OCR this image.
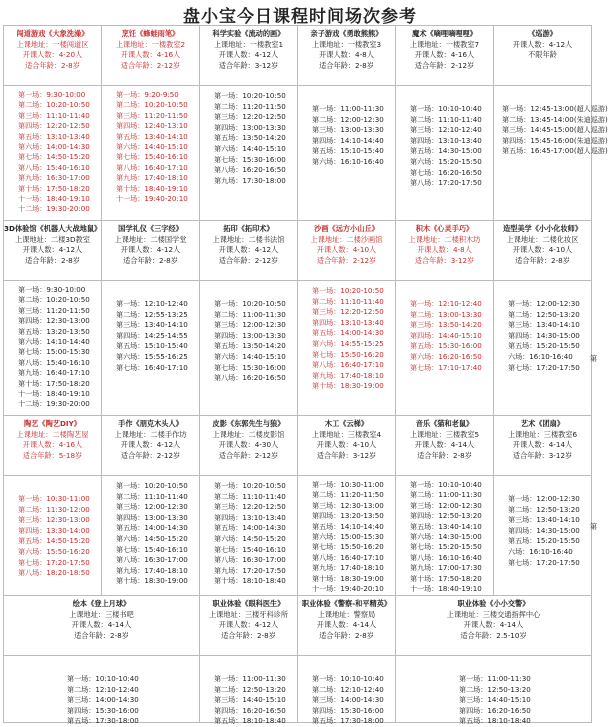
盘小宝今日课程时间场次参考
闯道游戏《大象洗澡》
上课地址：一楼闯道区
开课人数：4-20人
适合年龄：2-8岁
第一场：9:30-10:00
第二场：10:20-10:50
第三场：11:10-11:40
第四场：12:20-12:50
第五场：13:10-13:40
第六场：14:00-14:30
第七场：14:50-15:20
第八场：15:40-16:10
第九场：16:30-17:00
第十场：17:50-18:20
十一场：18:40-19:10
十二场：19:30-20:00
烹饪《蜂蛙雨笔》
上课地址：一楼教室2
开课人数：4-16人
适合年龄：2-12岁
第一场：9:20-9:50
第二场：10:20-10:50
第三场：11:20-11:50
第四场：12:40-13:10
第五场：13:40-14:10
第六场：14:40-15:10
第七场：15:40-16:10
第八场：16:40-17:10
第九场：17:40-18:10
第十场：18:40-19:10
十一场：19:40-20:10
科学实验《流动的画》
上课地址：一楼教室1
开课人数：4-12人
适合年龄：3-12岁
第一场：10:20-10:50
第二场：11:20-11:50
第三场：12:20-12:50
第四场：13:00-13:30
第五场：13:50-14:20
第六场：14:40-15:10
第七场：15:30-16:00
第八场：16:20-16:50
第九场：17:30-18:00
亲子游戏《勇敢熊熊》
上课地址：一楼教室3
开课人数：4-8人
适合年龄：2-8岁
第一场：11:00-11:30
第二场：12:00-12:30
第三场：13:00-13:30
第四场：14:10-14:40
第五场：15:10-15:40
第六场：16:10-16:40
魔术《嘀哩嘀哩哩》
上课地址：一楼教室7
开课人数：4-16人
适合年龄：2-12岁
第一场：10:10-10:40
第二场：11:10-11:40
第三场：12:10-12:40
第四场：13:10-13:40
第五场：14:30-15:00
第六场：15:20-15:50
第七场：16:20-16:50
第八场：17:20-17:50
《巡游》
开课人数：4-12人
不限年龄
第一场：12:45-13:00(超人巡游)
第二场：13:45-14:00(朱迪巡游)
第三场：14:45-15:00(超人巡游)
第四场：15:45-16:00(朱迪巡游)
第五场：16:45-17:00(超人巡游)
3D体验馆《机器人大战地鼠》
上课地址：二楼3D教室
开课人数：4-12人
适合年龄：2-8岁
第一场：9:30-10:00
第二场：10:20-10:50
第三场：11:20-11:50
第四场：12:30-13:00
第五场：13:20-13:50
第六场：14:10-14:40
第七场：15:00-15:30
第八场：15:40-16:10
第九场：16:40-17:10
第十场：17:50-18:20
十一场：18:40-19:10
十二场：19:30-20:00
国学礼仪《三字经》
上课地址：二楼国学堂
开课人数：4-12人
适合年龄：2-8岁
第一场：12:10-12:40
第二场：12:55-13:25
第三场：13:40-14:10
第四场：14:25-14:55
第五场：15:10-15:40
第六场：15:55-16:25
第七场：16:40-17:10
拓印《拓印术》
上课地址：二楼书法馆
开课人数：4-12人
适合年龄：2-12岁
第一场：10:20-10:50
第二场：11:00-11:30
第三场：12:00-12:30
第四场：13:00-13:30
第五场：13:50-14:20
第六场：14:40-15:10
第七场：15:30-16:00
第八场：16:20-16:50
沙画《远方小山丘》
上课地址：二楼沙画馆
开课人数：4-10人
适合年龄：2-12岁
第一场：10:20-10:50
第二场：11:10-11:40
第三场：12:20-12:50
第四场：13:10-13:40
第五场：14:00-14:30
第六场：14:55-15:25
第七场：15:50-16:20
第八场：16:40-17:10
第九场：17:40-18:10
第十场：18:30-19:00
积木《心灵手巧》
上课地址：二楼积木坊
开课人数：4-8人
适合年龄：3-12岁
第一场：12:10-12:40
第二场：13:00-13:30
第三场：13:50-14:20
第四场：14:40-15:10
第五场：15:30-16:00
第六场：16:20-16:50
第七场：17:10-17:40
造型美学《小小化妆师》
上课地址：二楼化妆区
开课人数：4-10人
适合年龄：2-8岁
第一场：12:00-12:30
第二场：12:50-13:20
第三场：13:40-14:10
第四场：14:30-15:00
第五场：15:20-15:50
六场：16:10-16:40
第七场：17:20-17:50
陶艺《陶艺DIY》
上课地址：二楼陶艺屋
开课人数：4-16人
适合年龄：5-18岁
第一场：10:30-11:00
第二场：11:30-12:00
第三场：12:30-13:00
第四场：13:30-14:00
第五场：14:50-15:20
第六场：15:50-16:20
第七场：17:20-17:50
第八场：18:20-18:50
手作《朋克木头人》
上课地址：二楼手作坊
开课人数：4-12人
适合年龄：2-12岁
第一场：10:20-10:50
第二场：11:10-11:40
第三场：12:00-12:30
第四场：13:00-13:30
第五场：14:00-14:30
第六场：14:50-15:20
第七场：15:40-16:10
第八场：16:30-17:00
第九场：17:40-18:10
第十场：18:30-19:00
皮影《东郭先生与狼》
上课地址：二楼皮影馆
开课人数：4-30人
适合年龄：2-12岁
第一场：10:20-10:50
第二场：11:10-11:40
第三场：12:20-12:50
第四场：13:10-13:40
第五场：14:00-14:30
第六场：14:50-15:20
第七场：15:40-16:10
第八场：16:30-17:00
第九场：17:20-17:50
第十场：18:10-18:40
木工《云梯》
上课地址：三楼教室4
开课人数：4-10人
适合年龄：3-12岁
第一场：10:30-11:00
第二场：11:20-11:50
第三场：12:30-13:00
第四场：13:20-13:50
第五场：14:10-14:40
第六场：15:00-15:30
第七场：15:50-16:20
第八场：16:40-17:10
第九场：17:40-18:10
第十场：18:30-19:00
十一场：19:40-20:10
音乐《猫和老鼠》
上课地址：三楼教室5
开课人数：4-14人
适合年龄：2-8岁
第一场：10:10-10:40
第二场：11:00-11:30
第三场：12:00-12:30
第四场：12:50-13:20
第五场：13:40-14:10
第六场：14:30-15:00
第七场：15:20-15:50
第八场：16:10-16:40
第九场：17:00-17:30
第十场：17:50-18:20
十一场：18:40-19:10
艺术《团扇》
上课地址：三楼教室6
开课人数：4-14人
适合年龄：3-12岁
第一场：12:00-12:30
第二场：12:50-13:20
第三场：13:40-14:10
第四场：14:30-15:00
第五场：15:20-15:50
六场：16:10-16:40
第七场：17:20-17:50
绘本《登上月球》
上课地址：三楼书吧
开课人数：4-14人
适合年龄：2-8岁
第一场：10:10-10:40
第二场：12:10-12:40
第三场：14:00-14:30
第四场：15:30-16:00
第五场：17:30-18:00
职业体验《眼科医生》
上课地址：三楼牙科诊所
开课人数：4-12人
适合年龄：2-8岁
第一场：11:00-11:30
第二场：12:50-13:20
第三场：14:40-15:10
第四场：16:20-16:50
第五场：18:10-18:40
职业体验《警察-和平精英》
上课地址：警察局
开课人数：4-14人
适合年龄：2-8岁
第一场：10:10-10:40
第二场：12:10-12:40
第三场：14:00-14:30
第四场：15:30-16:00
第五场：17:30-18:00
职业体验《小小交警》
上课地址：三楼交通指挥中心
开课人数：4-14人
适合年龄：2.5-10岁
第一场：11:00-11:30
第二场：12:50-13:20
第三场：14:40-15:10
第四场：16:20-16:50
第五场：18:10-18:40
第
第
